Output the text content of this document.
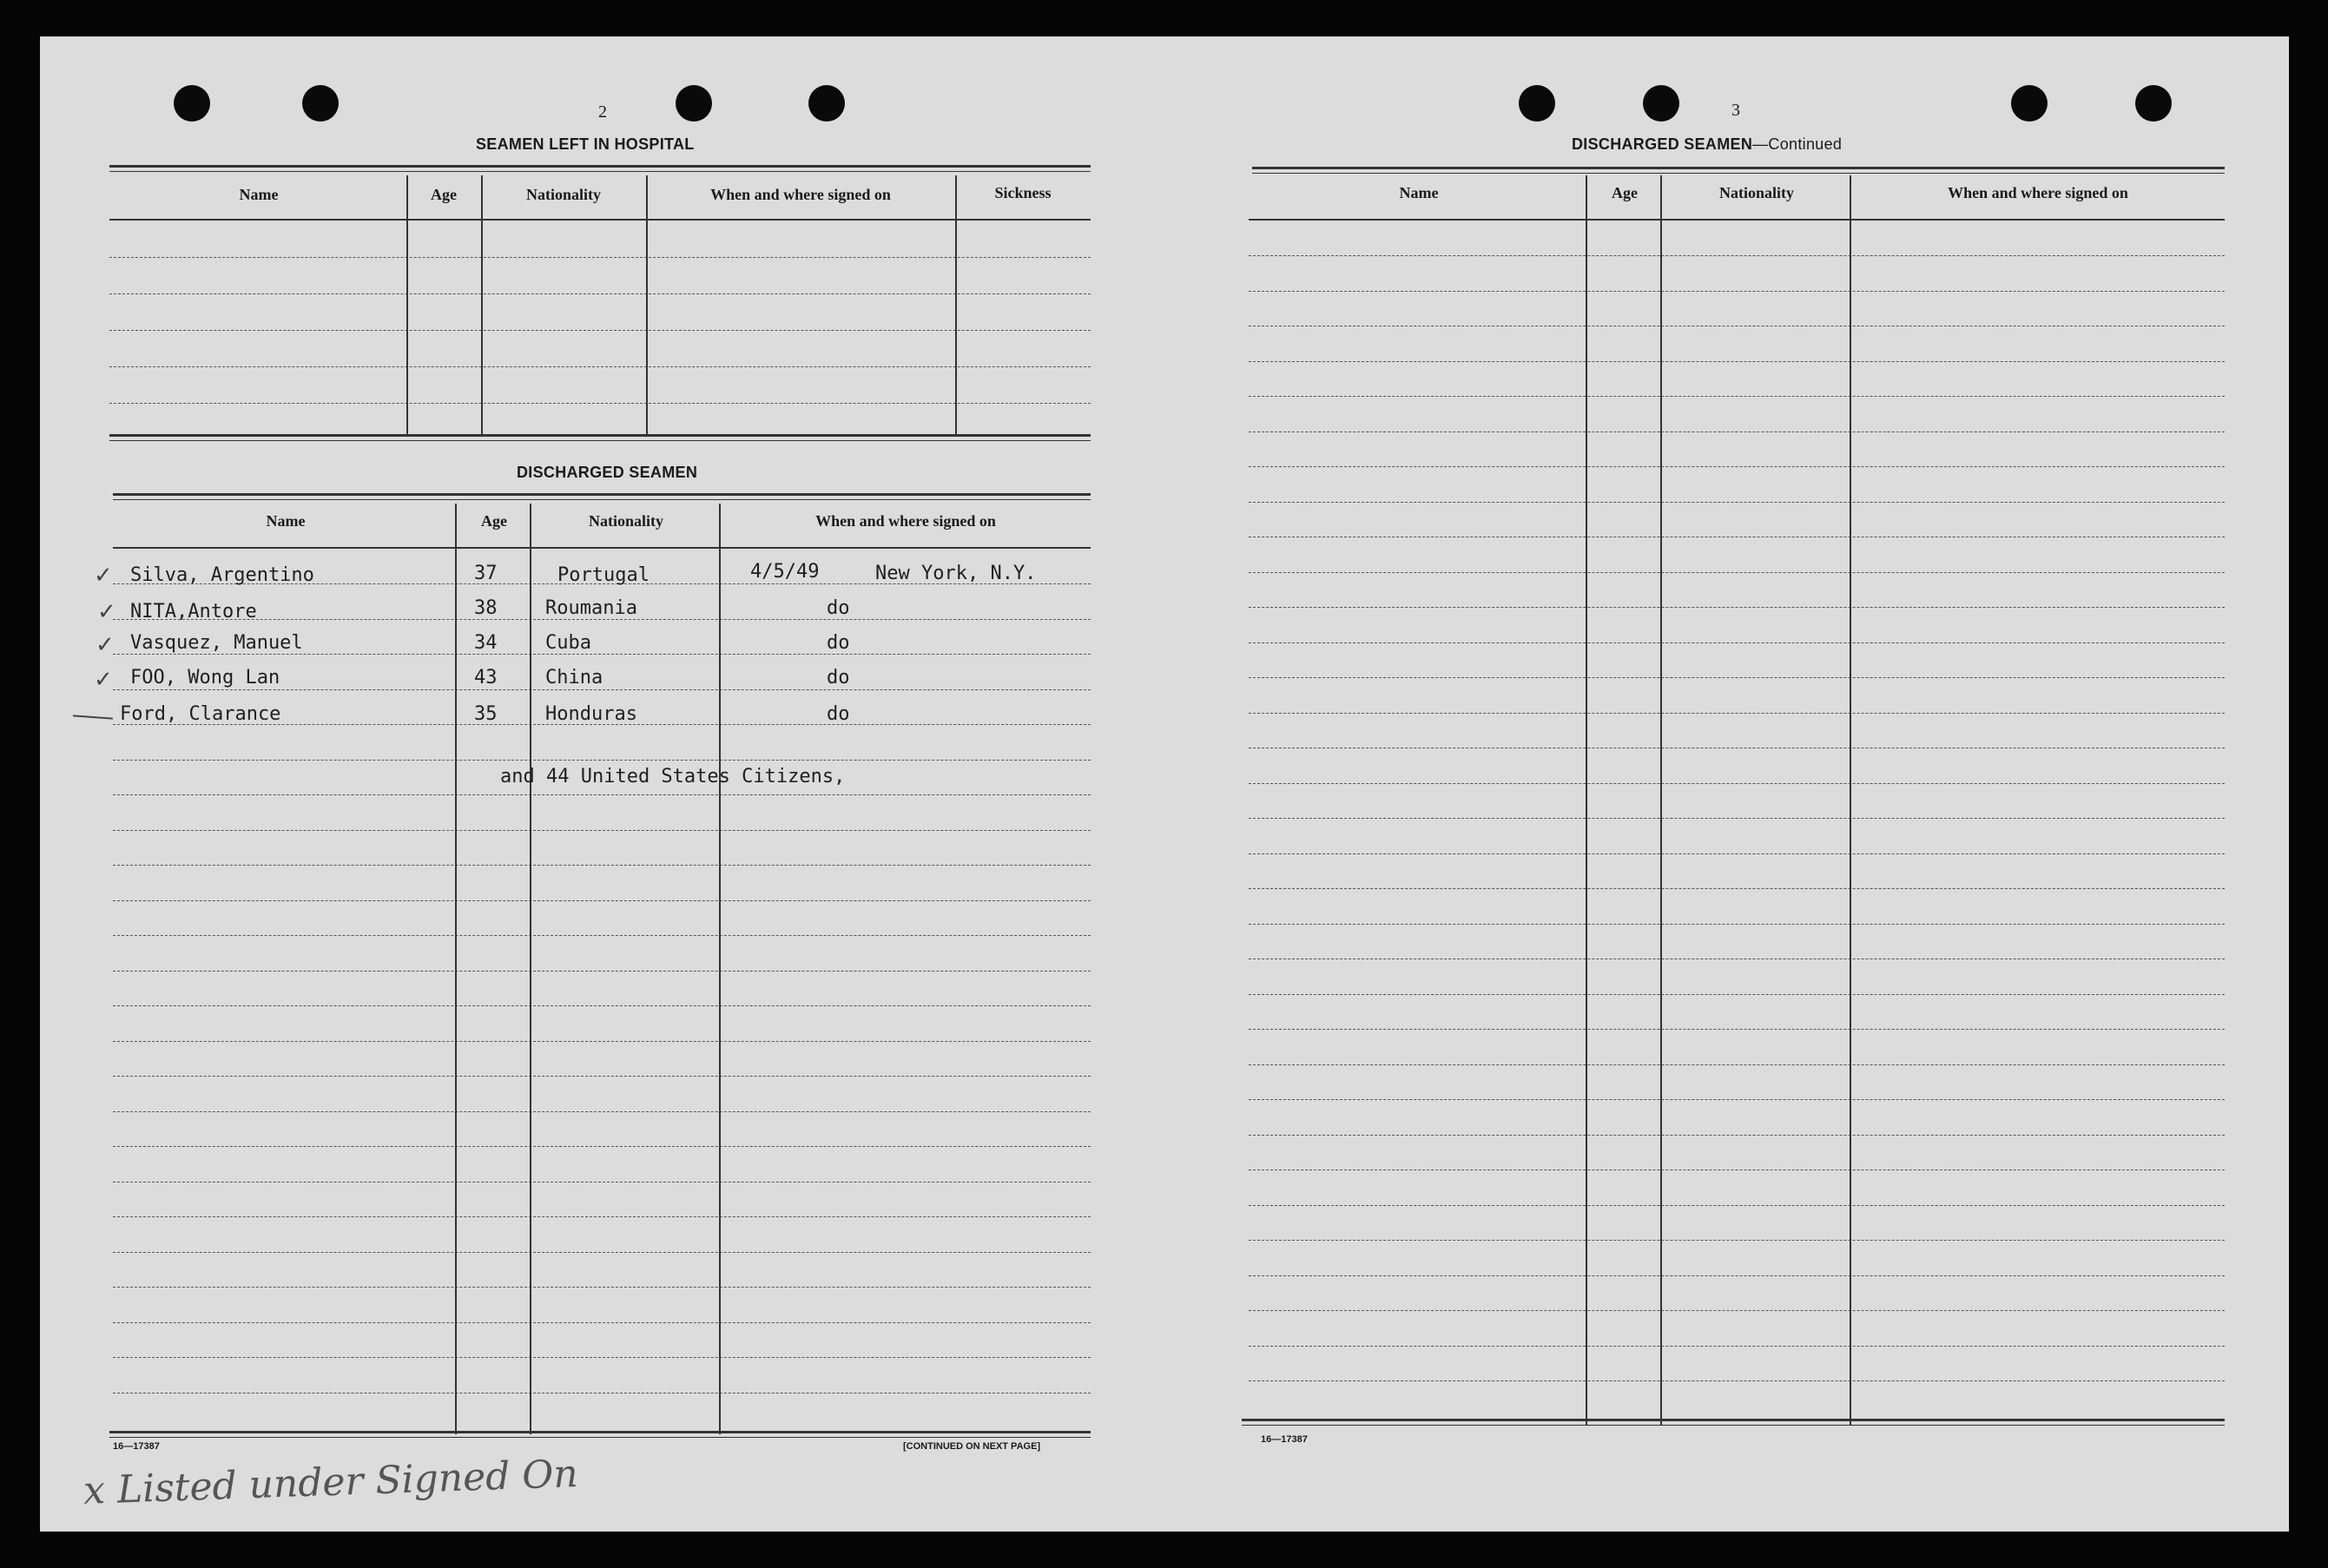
2
SEAMEN LEFT IN HOSPITAL
Name	Age	Nationality	When and where signed on	Sickness
DISCHARGED SEAMEN
Name	Age	Nationality	When and where signed on
Silva, Argentino	37	Portugal	4/5/49	New York, N.Y.
NITA,Antore	38	Roumania	do
Vasquez, Manuel	34	Cuba	do
FOO, Wong Lan	43	China	do
Ford, Clarance	35	Honduras	do
and 44 United States Citizens,
✓
✓
✓
✓
16—17387	[CONTINUED ON NEXT PAGE]
x Listed under Signed On
3
DISCHARGED SEAMEN—Continued
Name	Age	Nationality	When and where signed on
16—17387
